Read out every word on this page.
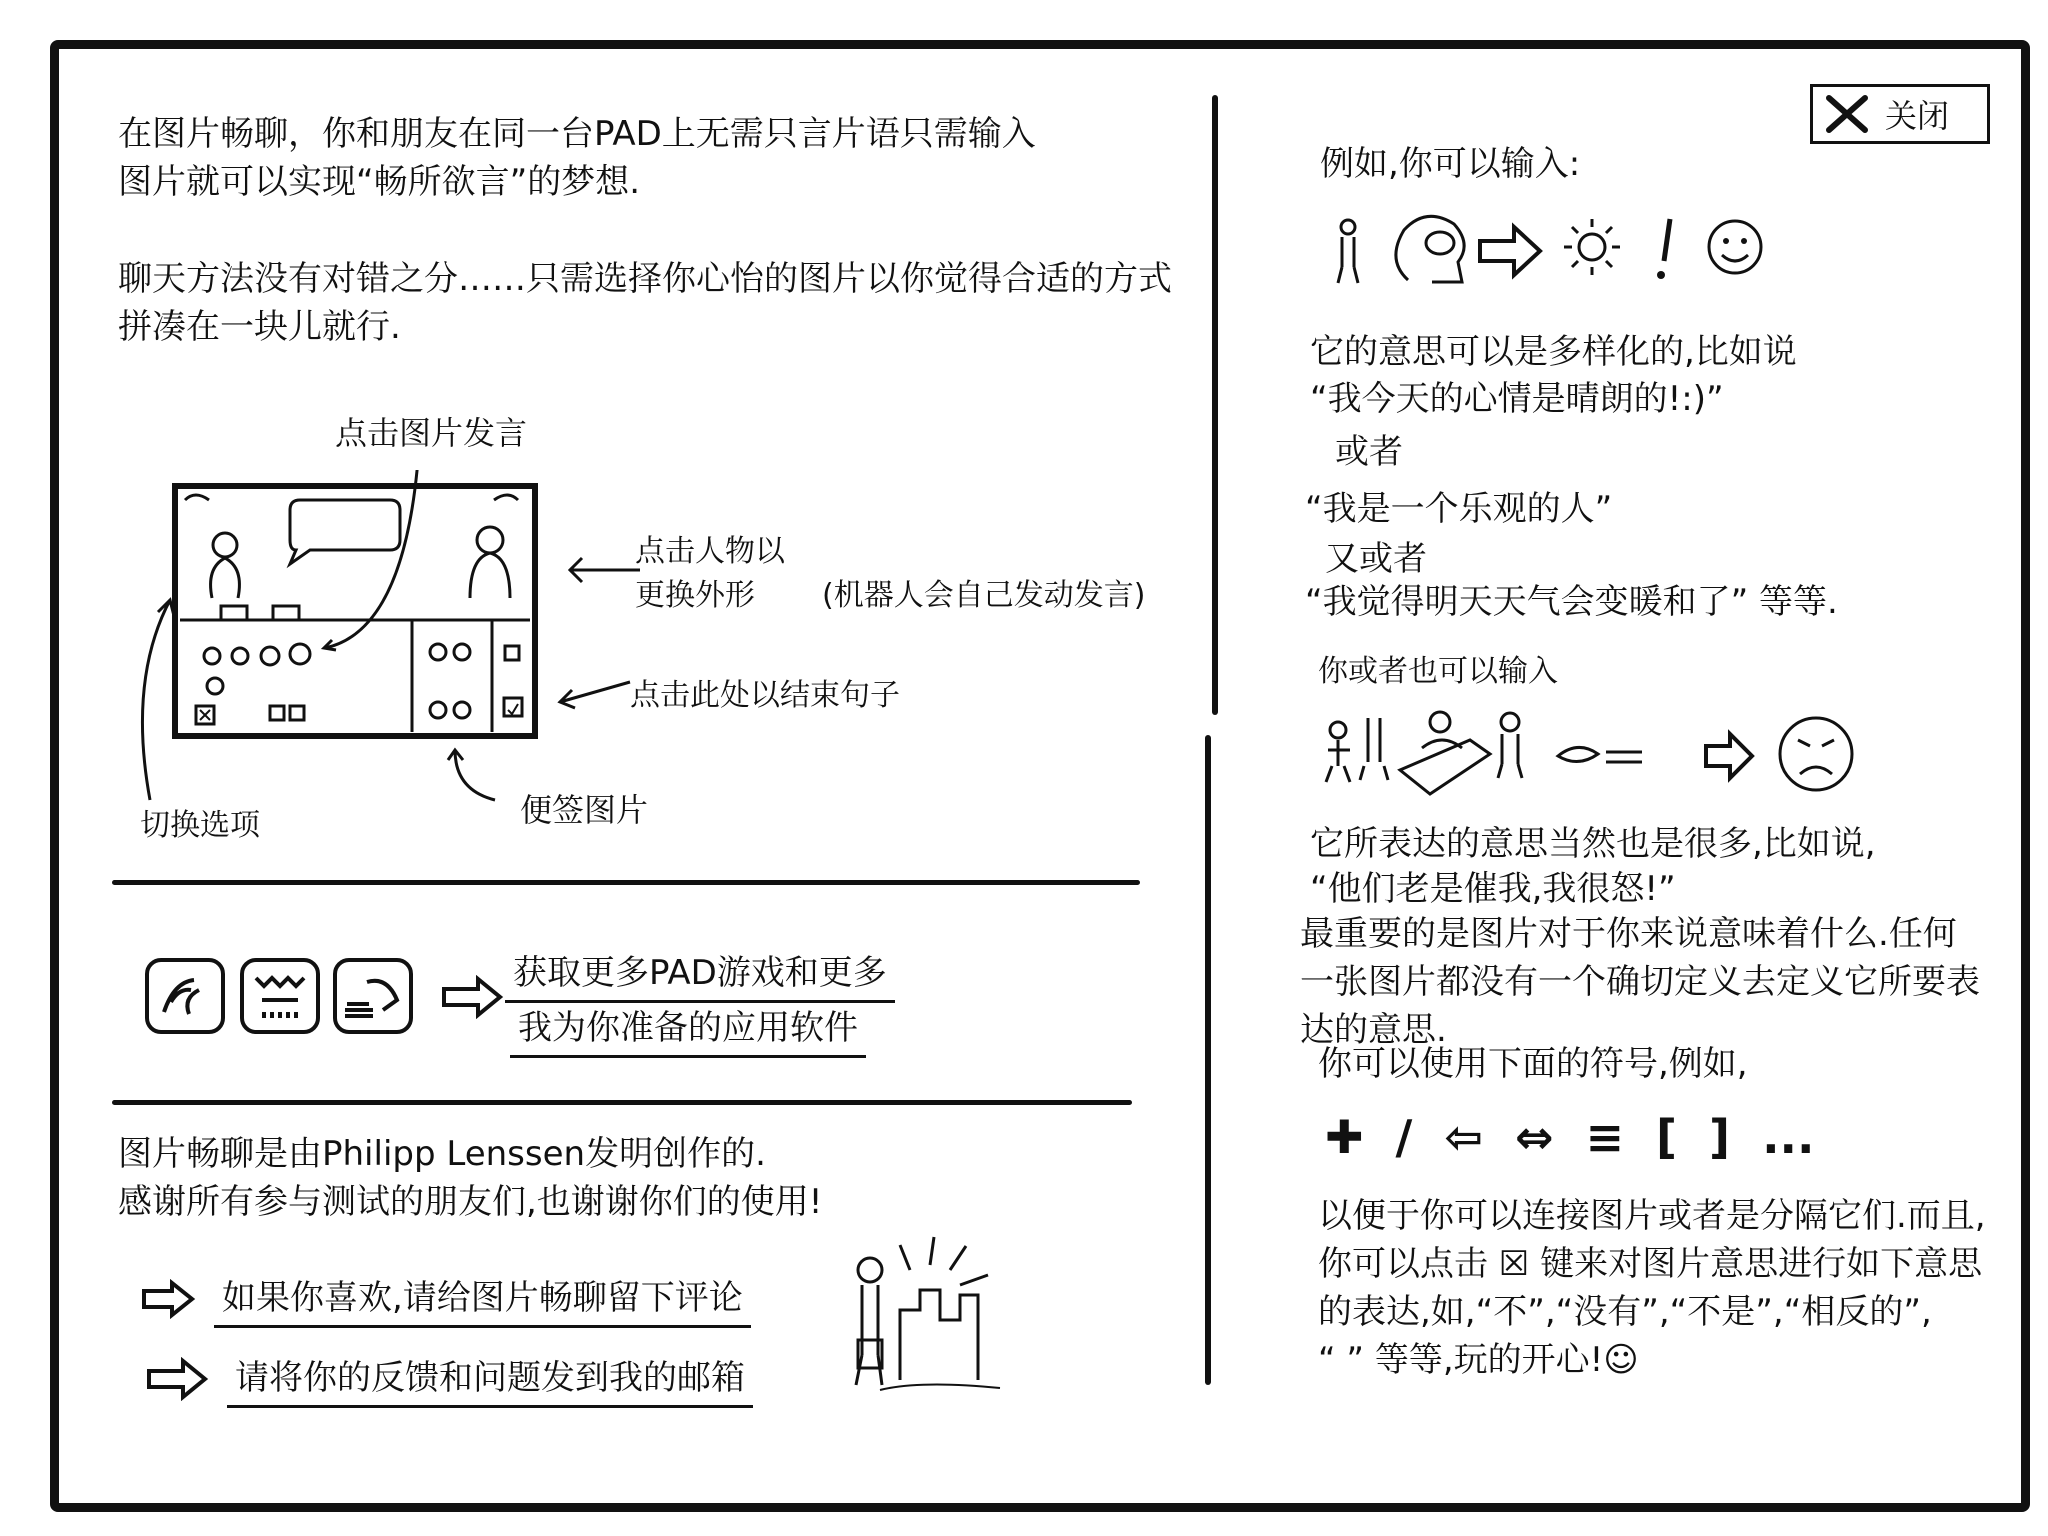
关闭
在图片畅聊，你和朋友在同一台PAD上无需只言片语只需输入
图片就可以实现“畅所欲言”的梦想.
聊天方法没有对错之分……只需选择你心怡的图片以你觉得合适的方式
拼凑在一块儿就行.
点击图片发言
点击人物以
更换外形	(机器人会自己发动发言)
点击此处以结束句子
切换选项	便签图片
获取更多PAD游戏和更多
我为你准备的应用软件
图片畅聊是由Philipp Lenssen发明创作的.
感谢所有参与测试的朋友们,也谢谢你们的使用!
如果你喜欢,请给图片畅聊留下评论
请将你的反馈和问题发到我的邮箱
例如,你可以输入:
它的意思可以是多样化的,比如说
“我今天的心情是晴朗的!:)”
或者
“我是一个乐观的人”
又或者
“我觉得明天天气会变暖和了” 等等.
你或者也可以输入
它所表达的意思当然也是很多,比如说,
“他们老是催我,我很怒!”
最重要的是图片对于你来说意味着什么.任何
一张图片都没有一个确切定义去定义它所要表
达的意思.
你可以使用下面的符号,例如,
✚ / ⇦ ⇔ ≡ [ ] ...
以便于你可以连接图片或者是分隔它们.而且,
你可以点击 ☒ 键来对图片意思进行如下意思
的表达,如,“不”,“没有”,“不是”,“相反的”,
“ ” 等等,玩的开心!☺
